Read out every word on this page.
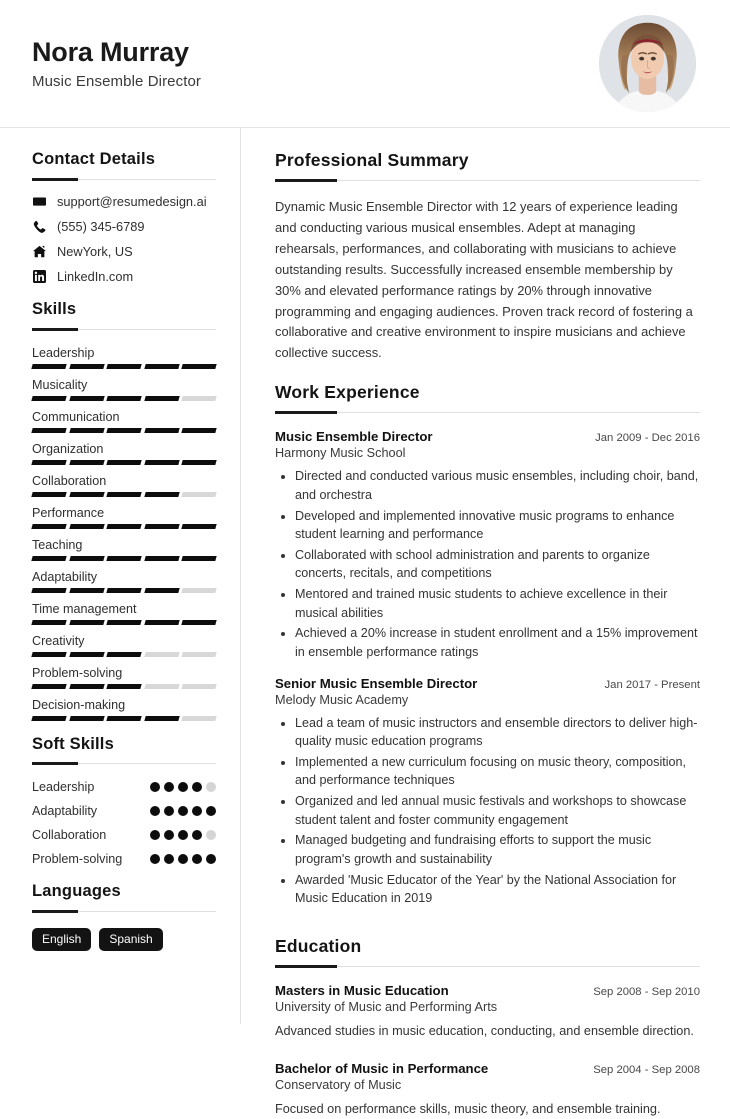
Nora Murray
Music Ensemble Director
Contact Details
support@resumedesign.ai
(555) 345-6789
NewYork, US
LinkedIn.com
Skills
Leadership
Musicality
Communication
Organization
Collaboration
Performance
Teaching
Adaptability
Time management
Creativity
Problem-solving
Decision-making
Soft Skills
Leadership
Adaptability
Collaboration
Problem-solving
Languages
English	Spanish
Professional Summary
Dynamic Music Ensemble Director with 12 years of experience leading and conducting various musical ensembles. Adept at managing rehearsals, performances, and collaborating with musicians to achieve outstanding results. Successfully increased ensemble membership by 30% and elevated performance ratings by 20% through innovative programming and engaging audiences. Proven track record of fostering a collaborative and creative environment to inspire musicians and achieve collective success.
Work Experience
Music Ensemble Director	Jan 2009 - Dec 2016
Harmony Music School
• Directed and conducted various music ensembles, including choir, band, and orchestra
• Developed and implemented innovative music programs to enhance student learning and performance
• Collaborated with school administration and parents to organize concerts, recitals, and competitions
• Mentored and trained music students to achieve excellence in their musical abilities
• Achieved a 20% increase in student enrollment and a 15% improvement in ensemble performance ratings
Senior Music Ensemble Director	Jan 2017 - Present
Melody Music Academy
• Lead a team of music instructors and ensemble directors to deliver high-quality music education programs
• Implemented a new curriculum focusing on music theory, composition, and performance techniques
• Organized and led annual music festivals and workshops to showcase student talent and foster community engagement
• Managed budgeting and fundraising efforts to support the music program's growth and sustainability
• Awarded 'Music Educator of the Year' by the National Association for Music Education in 2019
Education
Masters in Music Education	Sep 2008 - Sep 2010
University of Music and Performing Arts
Advanced studies in music education, conducting, and ensemble direction.
Bachelor of Music in Performance	Sep 2004 - Sep 2008
Conservatory of Music
Focused on performance skills, music theory, and ensemble training.
